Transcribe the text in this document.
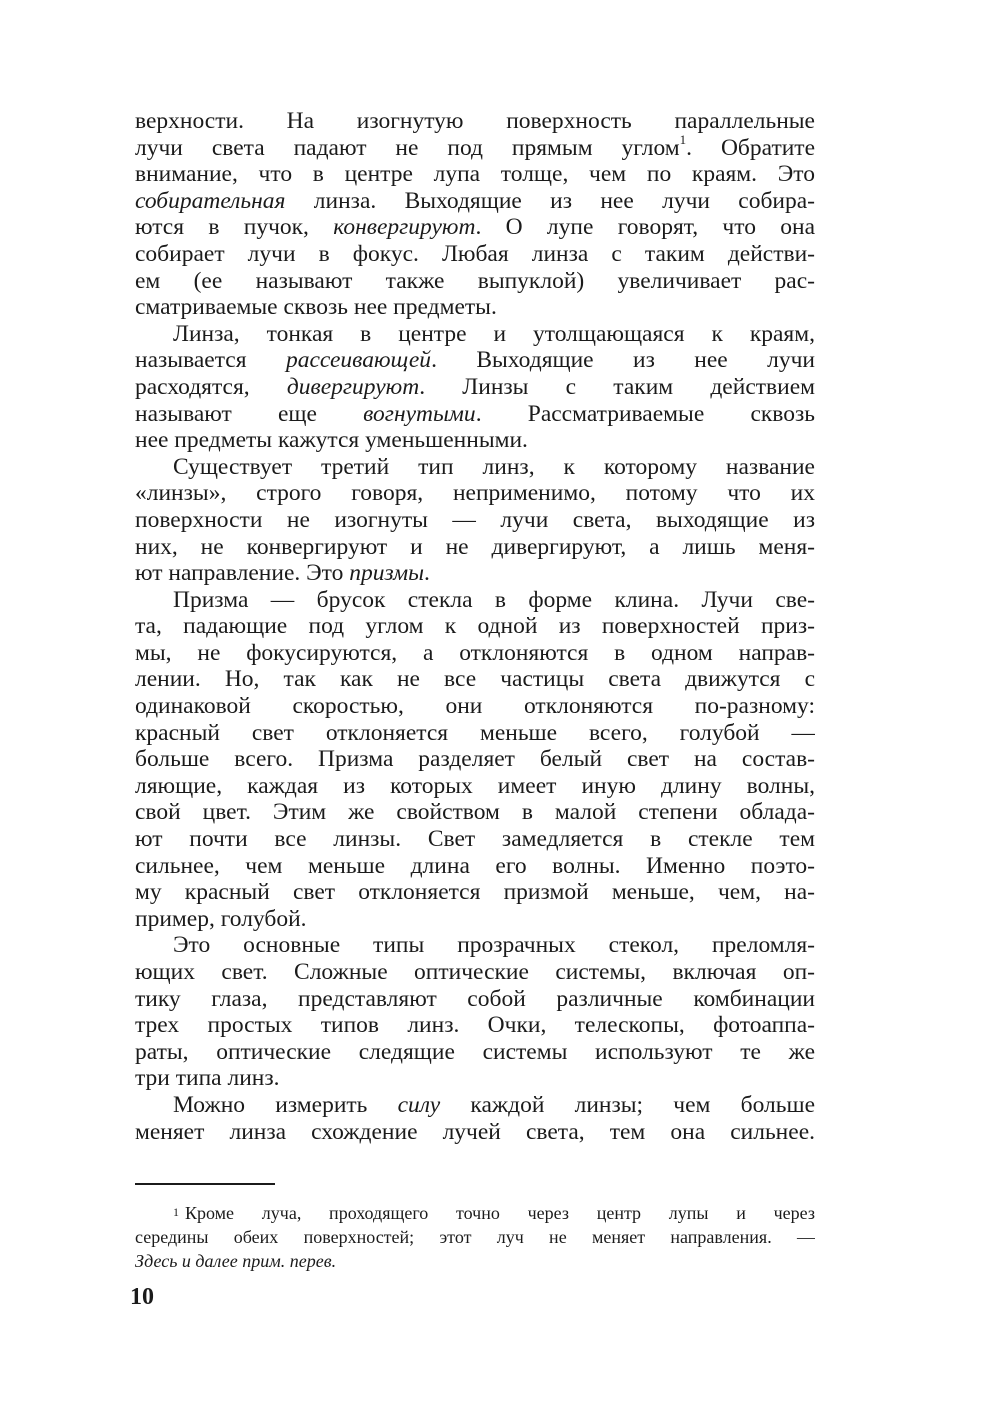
верхности. На изогнутую поверхность параллельные
лучи света падают не под прямым углом$^1$. Обратите
внимание, что в центре лупа толще, чем по краям. Это
собирательная линза. Выходящие из нее лучи собира-
ются в пучок, конвергируют. О лупе говорят, что она
собирает лучи в фокус. Любая линза с таким действи-
ем (ее называют также выпуклой) увеличивает рас-
сматриваемые сквозь нее предметы.
Линза, тонкая в центре и утолщающаяся к краям,
называется рассеивающей. Выходящие из нее лучи
расходятся, дивергируют. Линзы с таким действием
называют еще вогнутыми. Рассматриваемые сквозь
нее предметы кажутся уменьшенными.
Существует третий тип линз, к которому название
«линзы», строго говоря, неприменимо, потому что их
поверхности не изогнуты — лучи света, выходящие из
них, не конвергируют и не дивергируют, а лишь меня-
ют направление. Это призмы.
Призма — брусок стекла в форме клина. Лучи све-
та, падающие под углом к одной из поверхностей приз-
мы, не фокусируются, а отклоняются в одном направ-
лении. Но, так как не все частицы света движутся с
одинаковой скоростью, они отклоняются по-разному:
красный свет отклоняется меньше всего, голубой —
больше всего. Призма разделяет белый свет на состав-
ляющие, каждая из которых имеет иную длину волны,
свой цвет. Этим же свойством в малой степени облада-
ют почти все линзы. Свет замедляется в стекле тем
сильнее, чем меньше длина его волны. Именно поэто-
му красный свет отклоняется призмой меньше, чем, на-
пример, голубой.
Это основные типы прозрачных стекол, преломля-
ющих свет. Сложные оптические системы, включая оп-
тику глаза, представляют собой различные комбинации
трех простых типов линз. Очки, телескопы, фотоаппа-
раты, оптические следящие системы используют те же
три типа линз.
Можно измерить силу каждой линзы; чем больше
меняет линза схождение лучей света, тем она сильнее.
$^1$ Кроме луча, проходящего точно через центр лупы и через
середины обеих поверхностей; этот луч не меняет направления. —
Здесь и далее прим. перев.
10
